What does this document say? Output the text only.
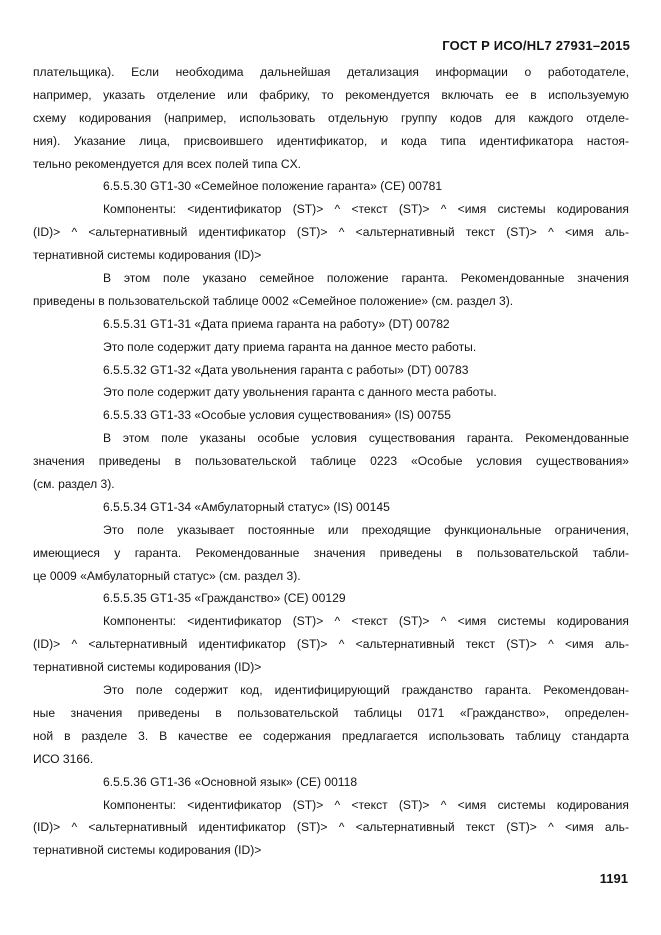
ГОСТ Р ИСО/HL7 27931–2015
плательщика). Если необходима дальнейшая детализация информации о работодателе,
например, указать отделение или фабрику, то рекомендуется включать ее в используемую
схему кодирования (например, использовать отдельную группу кодов для каждого отделе-
ния). Указание лица, присвоившего идентификатор, и кода типа идентификатора настоя-
тельно рекомендуется для всех полей типа CX.
6.5.5.30 GT1-30 «Семейное положение гаранта» (CE) 00781
Компоненты: <идентификатор (ST)> ^ <текст (ST)> ^ <имя системы кодирования
(ID)> ^ <альтернативный идентификатор (ST)> ^ <альтернативный текст (ST)> ^ <имя аль-
тернативной системы кодирования (ID)>
В этом поле указано семейное положение гаранта. Рекомендованные значения
приведены в пользовательской таблице 0002 «Семейное положение» (см. раздел 3).
6.5.5.31 GT1-31 «Дата приема гаранта на работу» (DT) 00782
Это поле содержит дату приема гаранта на данное место работы.
6.5.5.32 GT1-32 «Дата увольнения гаранта с работы» (DT) 00783
Это поле содержит дату увольнения гаранта с данного места работы.
6.5.5.33 GT1-33 «Особые условия существования» (IS) 00755
В этом поле указаны особые условия существования гаранта. Рекомендованные
значения приведены в пользовательской таблице 0223 «Особые условия существования»
(см. раздел 3).
6.5.5.34 GT1-34 «Амбулаторный статус» (IS) 00145
Это поле указывает постоянные или преходящие функциональные ограничения,
имеющиеся у гаранта. Рекомендованные значения приведены в пользовательской табли-
це 0009 «Амбулаторный статус» (см. раздел 3).
6.5.5.35 GT1-35 «Гражданство» (CE) 00129
Компоненты: <идентификатор (ST)> ^ <текст (ST)> ^ <имя системы кодирования
(ID)> ^ <альтернативный идентификатор (ST)> ^ <альтернативный текст (ST)> ^ <имя аль-
тернативной системы кодирования (ID)>
Это поле содержит код, идентифицирующий гражданство гаранта. Рекомендован-
ные значения приведены в пользовательской таблицы 0171 «Гражданство», определен-
ной в разделе 3. В качестве ее содержания предлагается использовать таблицу стандарта
ИСО 3166.
6.5.5.36 GT1-36 «Основной язык» (CE) 00118
Компоненты: <идентификатор (ST)> ^ <текст (ST)> ^ <имя системы кодирования
(ID)> ^ <альтернативный идентификатор (ST)> ^ <альтернативный текст (ST)> ^ <имя аль-
тернативной системы кодирования (ID)>
1191
